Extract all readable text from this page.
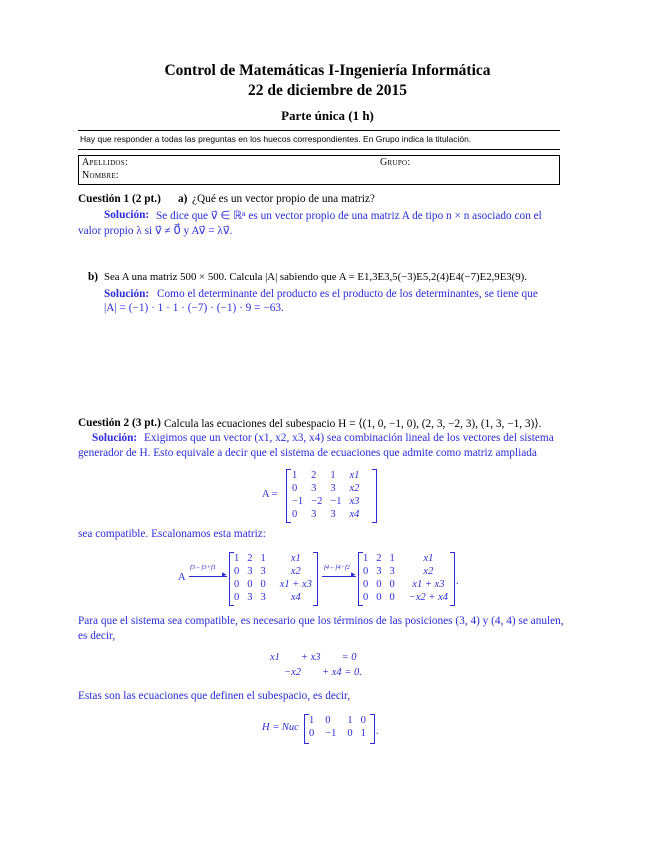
Control de Matemáticas I-Ingeniería Informática
22 de diciembre de 2015
Parte única (1 h)
Hay que responder a todas las preguntas en los huecos correspondientes. En Grupo indica la titulación.
Apellidos:	Grupo:
Nombre:
Cuestión 1 (2 pt.) a) ¿Qué es un vector propio de una matriz?
Solución: Se dice que v⃗ ∈ ℝⁿ es un vector propio de una matriz A de tipo n × n asociado con el
valor propio λ si v⃗ ≠ 0⃗ y Av⃗ = λv⃗.
b) Sea A una matriz 500 × 500. Calcula |A| sabiendo que A = E1,3E3,5(−3)E5,2(4)E4(−7)E2,9E3(9).
Solución: Como el determinante del producto es el producto de los determinantes, se tiene que
|A| = (−1) · 1 · 1 · (−7) · (−1) · 9 = −63.
Cuestión 2 (3 pt.) Calcula las ecuaciones del subespacio H = ⟨(1, 0, −1, 0), (2, 3, −2, 3), (1, 3, −1, 3)⟩.
Solución: Exigimos que un vector (x1, x2, x3, x4) sea combinación lineal de los vectores del sistema
generador de H. Esto equivale a decir que el sistema de ecuaciones que admite como matriz ampliada
A =
1	2	1	x1
0	3	3	x2
−1	−2	−1	x3
0	3	3	x4
sea compatible. Escalonamos esta matriz:
A
f3←f3+f1
▸
1	2	1	x1
0	3	3	x2
0	0	0	x1 + x3
0	3	3	x4
f4←f4−f2
▸
1	2	1	x1
0	3	3	x2
0	0	0	x1 + x3
0	0	0	−x2 + x4
.
Para que el sistema sea compatible, es necesario que los términos de las posiciones (3, 4) y (4, 4) se anulen,
es decir,
x1        + x3        = 0
−x2        + x4 = 0.
Estas son las ecuaciones que definen el subespacio, es decir,
H = Nuc
1	0	1	0
0	−1	0	1 .
